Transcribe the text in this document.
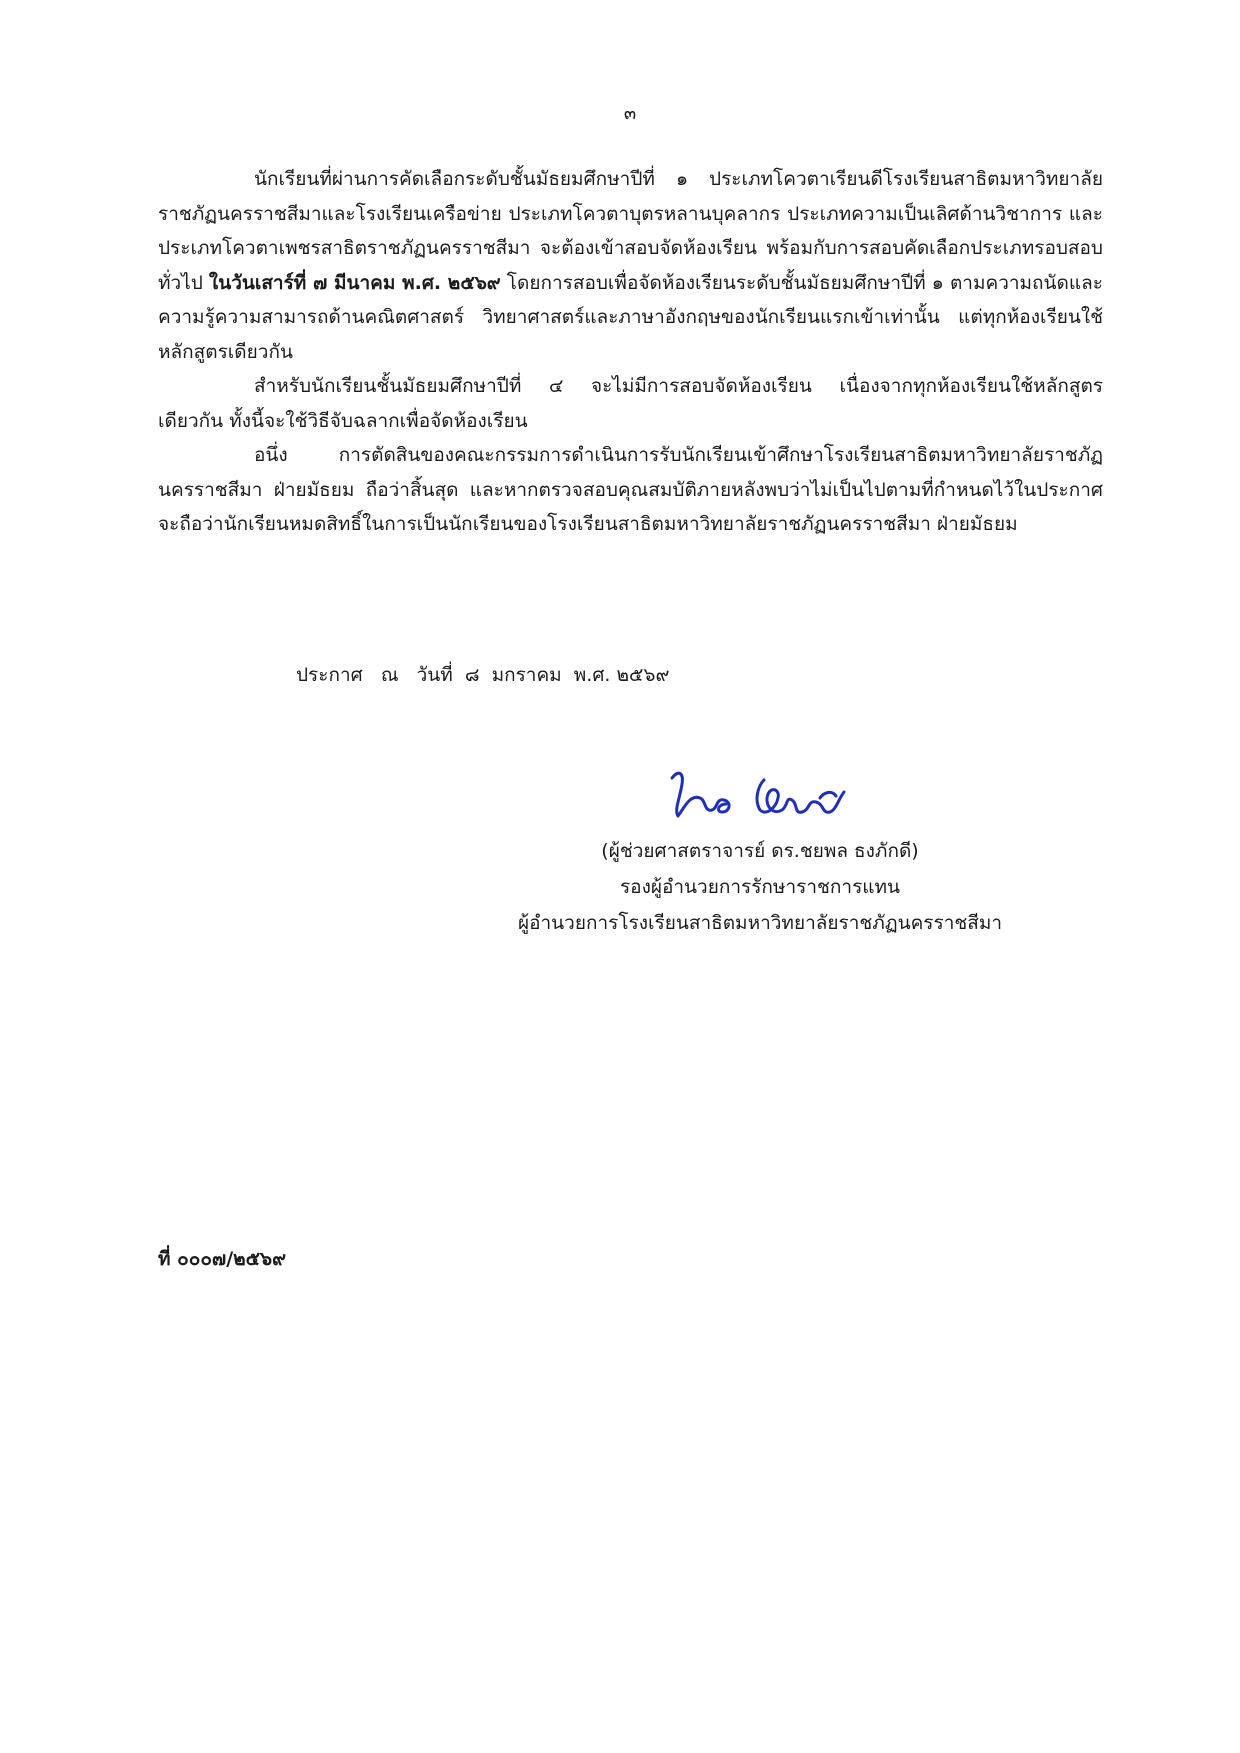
๓

นักเรียนที่ผ่านการคัดเลือกระดับชั้นมัธยมศึกษาปีที่ ๑ ประเภทโควตาเรียนดีโรงเรียนสาธิตมหาวิทยาลัยราชภัฏนครราชสีมาและโรงเรียนเครือข่าย ประเภทโควตาบุตรหลานบุคลากร ประเภทความเป็นเลิศด้านวิชาการ และประเภทโควตาเพชรสาธิตราชภัฏนครราชสีมา จะต้องเข้าสอบจัดห้องเรียน พร้อมกับการสอบคัดเลือกประเภทรอบสอบทั่วไป ในวันเสาร์ที่ ๗ มีนาคม พ.ศ. ๒๕๖๙ โดยการสอบเพื่อจัดห้องเรียนระดับชั้นมัธยมศึกษาปีที่ ๑ ตามความถนัดและความรู้ความสามารถด้านคณิตศาสตร์ วิทยาศาสตร์และภาษาอังกฤษของนักเรียนแรกเข้าเท่านั้น แต่ทุกห้องเรียนใช้หลักสูตรเดียวกัน

สำหรับนักเรียนชั้นมัธยมศึกษาปีที่ ๔ จะไม่มีการสอบจัดห้องเรียน เนื่องจากทุกห้องเรียนใช้หลักสูตรเดียวกัน ทั้งนี้จะใช้วิธีจับฉลากเพื่อจัดห้องเรียน

อนึ่ง การตัดสินของคณะกรรมการดำเนินการรับนักเรียนเข้าศึกษาโรงเรียนสาธิตมหาวิทยาลัยราชภัฏนครราชสีมา ฝ่ายมัธยม ถือว่าสิ้นสุด และหากตรวจสอบคุณสมบัติภายหลังพบว่าไม่เป็นไปตามที่กำหนดไว้ในประกาศจะถือว่านักเรียนหมดสิทธิ์ในการเป็นนักเรียนของโรงเรียนสาธิตมหาวิทยาลัยราชภัฏนครราชสีมา ฝ่ายมัธยม

ประกาศ   ณ   วันที่  ๘  มกราคม  พ.ศ. ๒๕๖๙
(ผู้ช่วยศาสตราจารย์ ดร.ชยพล ธงภักดี)
รองผู้อำนวยการรักษาราชการแทน
ผู้อำนวยการโรงเรียนสาธิตมหาวิทยาลัยราชภัฏนครราชสีมา
ที่ ๐๐๐๗/๒๕๖๙
